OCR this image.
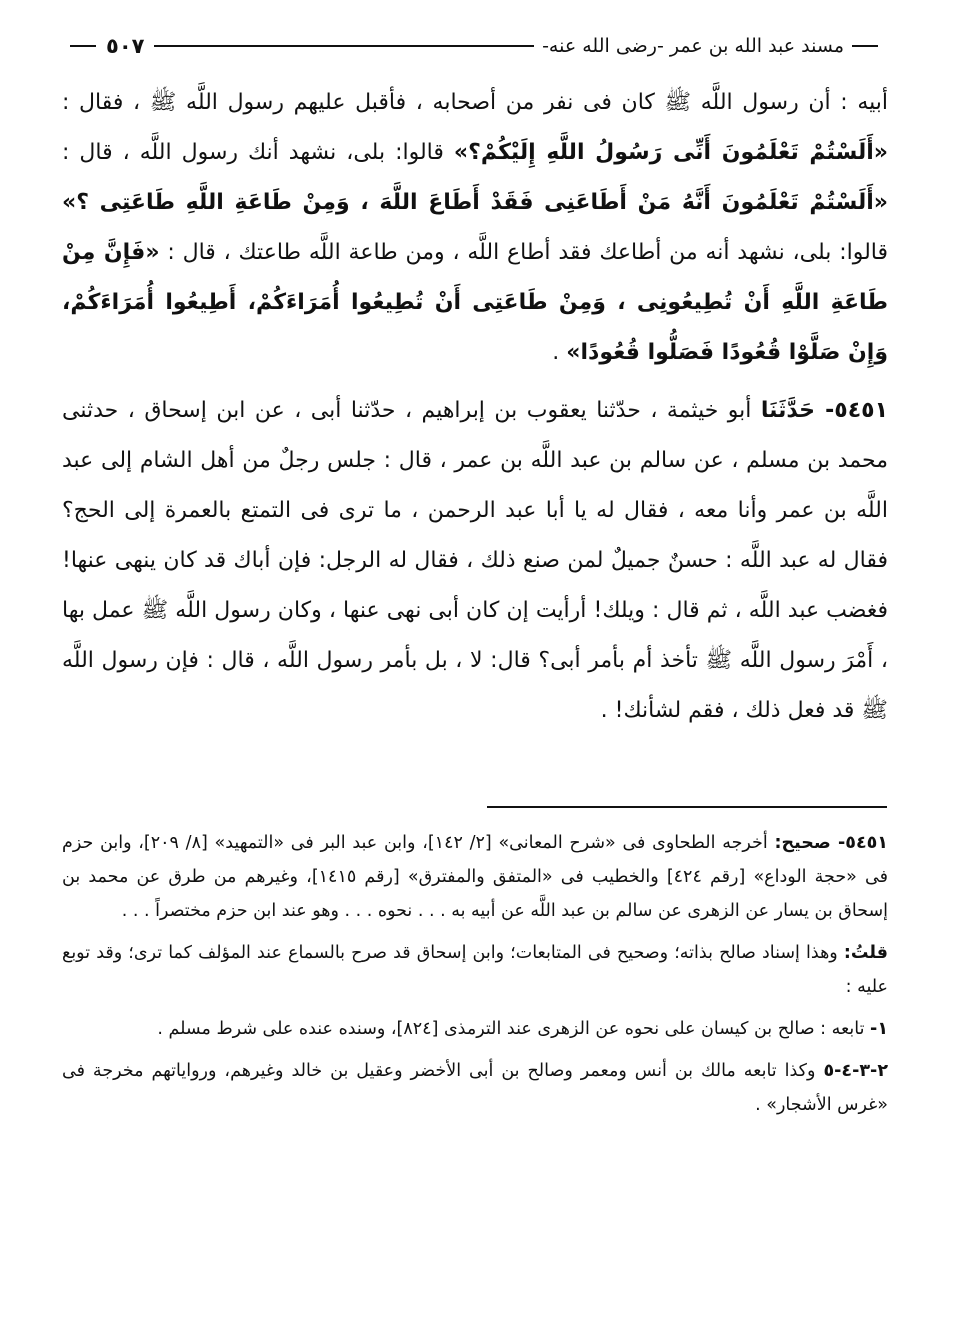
مسند عبد الله بن عمر -رضى الله عنه-
٥٠٧

أبيه : أن رسول اللَّه ﷺ كان فى نفر من أصحابه ، فأقبل عليهم رسول اللَّه ﷺ ، فقال : «أَلَسْتُمْ تَعْلَمُونَ أَنِّى رَسُولُ اللَّهِ إِلَيْكُمْ؟» قالوا: بلى، نشهد أنك رسول اللَّه ، قال : «أَلَسْتُمْ تَعْلَمُونَ أَنَّهُ مَنْ أَطَاعَنِى فَقَدْ أَطَاعَ اللَّهَ ، وَمِنْ طَاعَةِ اللَّهِ طَاعَتِى ؟» قالوا: بلى، نشهد أنه من أطاعك فقد أطاع اللَّه ، ومن طاعة اللَّه طاعتك ، قال : «فَإِنَّ مِنْ طَاعَةِ اللَّهِ أَنْ تُطِيعُونِى ، وَمِنْ طَاعَتِى أَنْ تُطِيعُوا أُمَرَاءَكُمْ، أَطِيعُوا أُمَرَاءَكُمْ، وَإِنْ صَلَّوْا قُعُودًا فَصَلُّوا قُعُودًا» .

٥٤٥١- حَدَّثَنَا أبو خيثمة ، حدّثنا يعقوب بن إبراهيم ، حدّثنا أبى ، عن ابن إسحاق ، حدثنى محمد بن مسلم ، عن سالم بن عبد اللَّه بن عمر ، قال : جلس رجلٌ من أهل الشام إلى عبد اللَّه بن عمر وأنا معه ، فقال له يا أبا عبد الرحمن ، ما ترى فى التمتع بالعمرة إلى الحج؟ فقال له عبد اللَّه : حسنٌ جميلٌ لمن صنع ذلك ، فقال له الرجل: فإن أباك قد كان ينهى عنها! فغضب عبد اللَّه ، ثم قال : ويلك! أرأيت إن كان أبى نهى عنها ، وكان رسول اللَّه ﷺ عمل بها ، أَمْرَ رسول اللَّه ﷺ تأخذ أم بأمر أبى؟ قال: لا ، بل بأمر رسول اللَّه ، قال : فإن رسول اللَّه ﷺ قد فعل ذلك ، فقم لشأنك! .

٥٤٥١- صحيح: أخرجه الطحاوى فى «شرح المعانى» [٢/ ١٤٢]، وابن عبد البر فى «التمهيد» [٨/ ٢٠٩]، وابن حزم فى «حجة الوداع» [رقم ٤٢٤] والخطيب فى «المتفق والمفترق» [رقم ١٤١٥]، وغيرهم من طرق عن محمد بن إسحاق بن يسار عن الزهرى عن سالم بن عبد اللَّه عن أبيه به . . . نحوه . . . وهو عند ابن حزم مختصراً . . .

قلتُ: وهذا إسناد صالح بذاته؛ وصحيح فى المتابعات؛ وابن إسحاق قد صرح بالسماع عند المؤلف كما ترى؛ وقد توبع عليه :

١- تابعه : صالح بن كيسان على نحوه عن الزهرى عند الترمذى [٨٢٤]، وسنده عنده على شرط مسلم .

٢-٣-٤-٥ وكذا تابعه مالك بن أنس ومعمر وصالح بن أبى الأخضر وعقيل بن خالد وغيرهم، ورواياتهم مخرجة فى «غرس الأشجار» .
